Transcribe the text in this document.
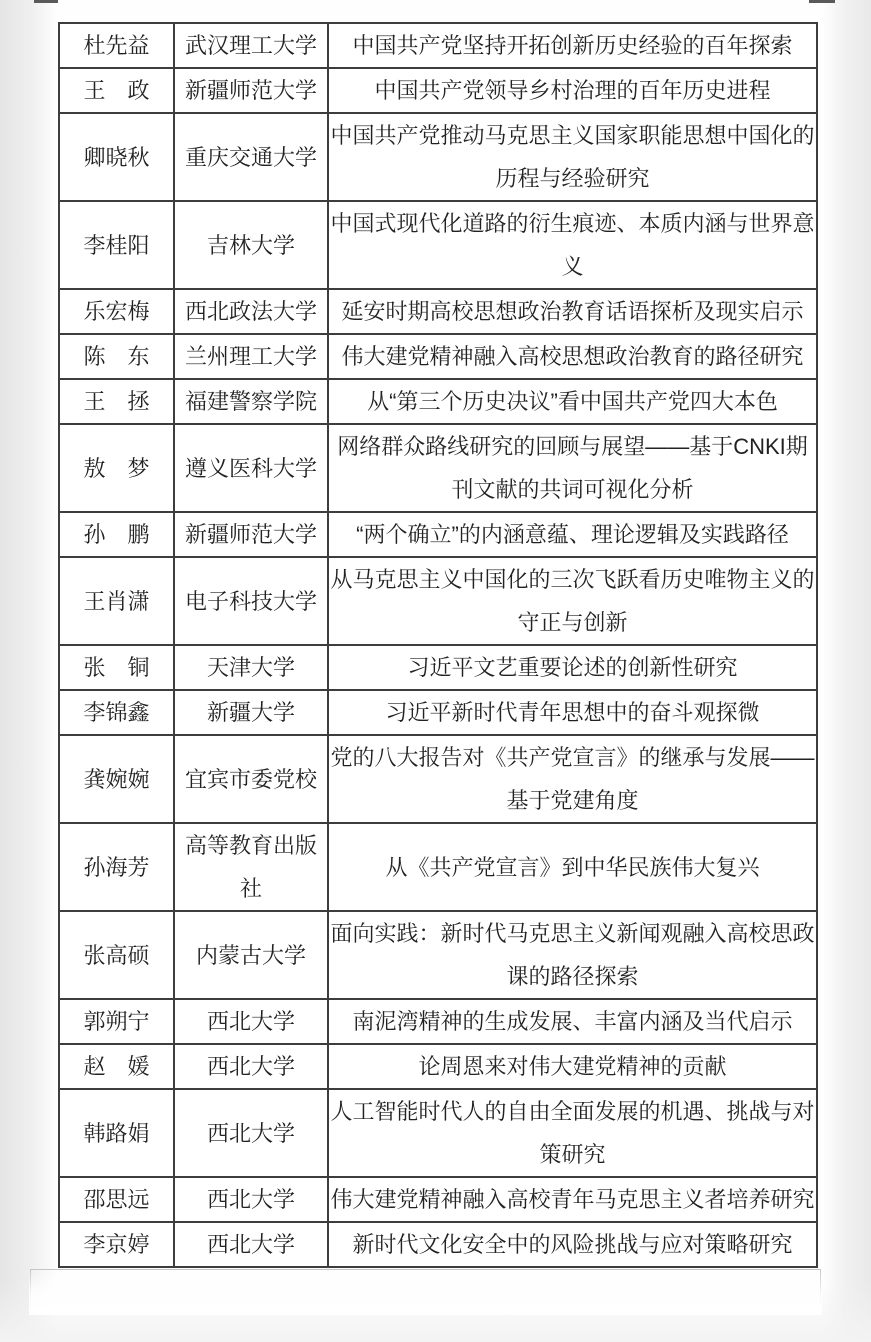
杜先益	武汉理工大学	中国共产党坚持开拓创新历史经验的百年探索
王　政	新疆师范大学	中国共产党领导乡村治理的百年历史进程
卿晓秋	重庆交通大学	中国共产党推动马克思主义国家职能思想中国化的历程与经验研究
李桂阳	吉林大学	中国式现代化道路的衍生痕迹、本质内涵与世界意义
乐宏梅	西北政法大学	延安时期高校思想政治教育话语探析及现实启示
陈　东	兰州理工大学	伟大建党精神融入高校思想政治教育的路径研究
王　拯	福建警察学院	从“第三个历史决议”看中国共产党四大本色
敖　梦	遵义医科大学	网络群众路线研究的回顾与展望——基于CNKI期刊文献的共词可视化分析
孙　鹏	新疆师范大学	“两个确立”的内涵意蕴、理论逻辑及实践路径
王肖潇	电子科技大学	从马克思主义中国化的三次飞跃看历史唯物主义的守正与创新
张　铜	天津大学	习近平文艺重要论述的创新性研究
李锦鑫	新疆大学	习近平新时代青年思想中的奋斗观探微
龚婉婉	宜宾市委党校	党的八大报告对《共产党宣言》的继承与发展——基于党建角度
孙海芳	高等教育出版社	从《共产党宣言》到中华民族伟大复兴
张高硕	内蒙古大学	面向实践：新时代马克思主义新闻观融入高校思政课的路径探索
郭朔宁	西北大学	南泥湾精神的生成发展、丰富内涵及当代启示
赵　媛	西北大学	论周恩来对伟大建党精神的贡献
韩路娟	西北大学	人工智能时代人的自由全面发展的机遇、挑战与对策研究
邵思远	西北大学	伟大建党精神融入高校青年马克思主义者培养研究
李京婷	西北大学	新时代文化安全中的风险挑战与应对策略研究
